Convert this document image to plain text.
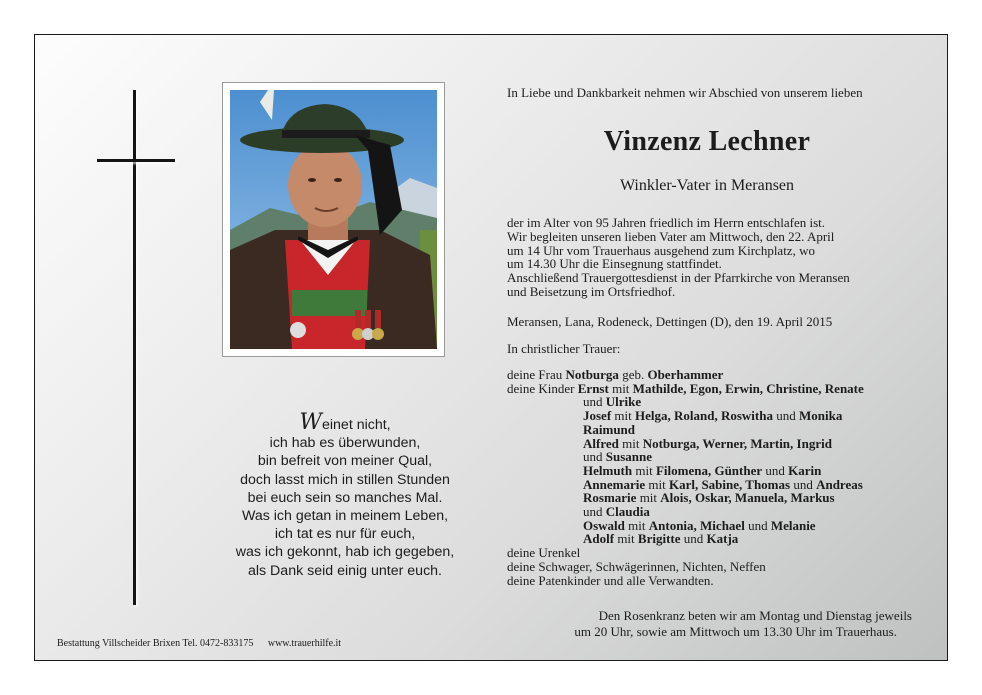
Weinet nicht,
ich hab es überwunden,
bin befreit von meiner Qual,
doch lasst mich in stillen Stunden
bei euch sein so manches Mal.
Was ich getan in meinem Leben,
ich tat es nur für euch,
was ich gekonnt, hab ich gegeben,
als Dank seid einig unter euch.
In Liebe und Dankbarkeit nehmen wir Abschied von unserem lieben
Vinzenz Lechner
Winkler-Vater in Meransen
der im Alter von 95 Jahren friedlich im Herrn entschlafen ist.
Wir begleiten unseren lieben Vater am Mittwoch, den 22. April
um 14 Uhr vom Trauerhaus ausgehend zum Kirchplatz, wo
um 14.30 Uhr die Einsegnung stattfindet.
Anschließend Trauergottesdienst in der Pfarrkirche von Meransen
und Beisetzung im Ortsfriedhof.
Meransen, Lana, Rodeneck, Dettingen (D), den 19. April 2015
In christlicher Trauer:
deine Frau Notburga geb. Oberhammer
deine Kinder Ernst mit Mathilde, Egon, Erwin, Christine, Renate
und Ulrike
Josef mit Helga, Roland, Roswitha und Monika
Raimund
Alfred mit Notburga, Werner, Martin, Ingrid
und Susanne
Helmuth mit Filomena, Günther und Karin
Annemarie mit Karl, Sabine, Thomas und Andreas
Rosmarie mit Alois, Oskar, Manuela, Markus
und Claudia
Oswald mit Antonia, Michael und Melanie
Adolf mit Brigitte und Katja
deine Urenkel
deine Schwager, Schwägerinnen, Nichten, Neffen
deine Patenkinder und alle Verwandten.
Den Rosenkranz beten wir am Montag und Dienstag jeweils
um 20 Uhr, sowie am Mittwoch um 13.30 Uhr im Trauerhaus.
Bestattung Villscheider Brixen Tel. 0472-833175 www.trauerhilfe.it
